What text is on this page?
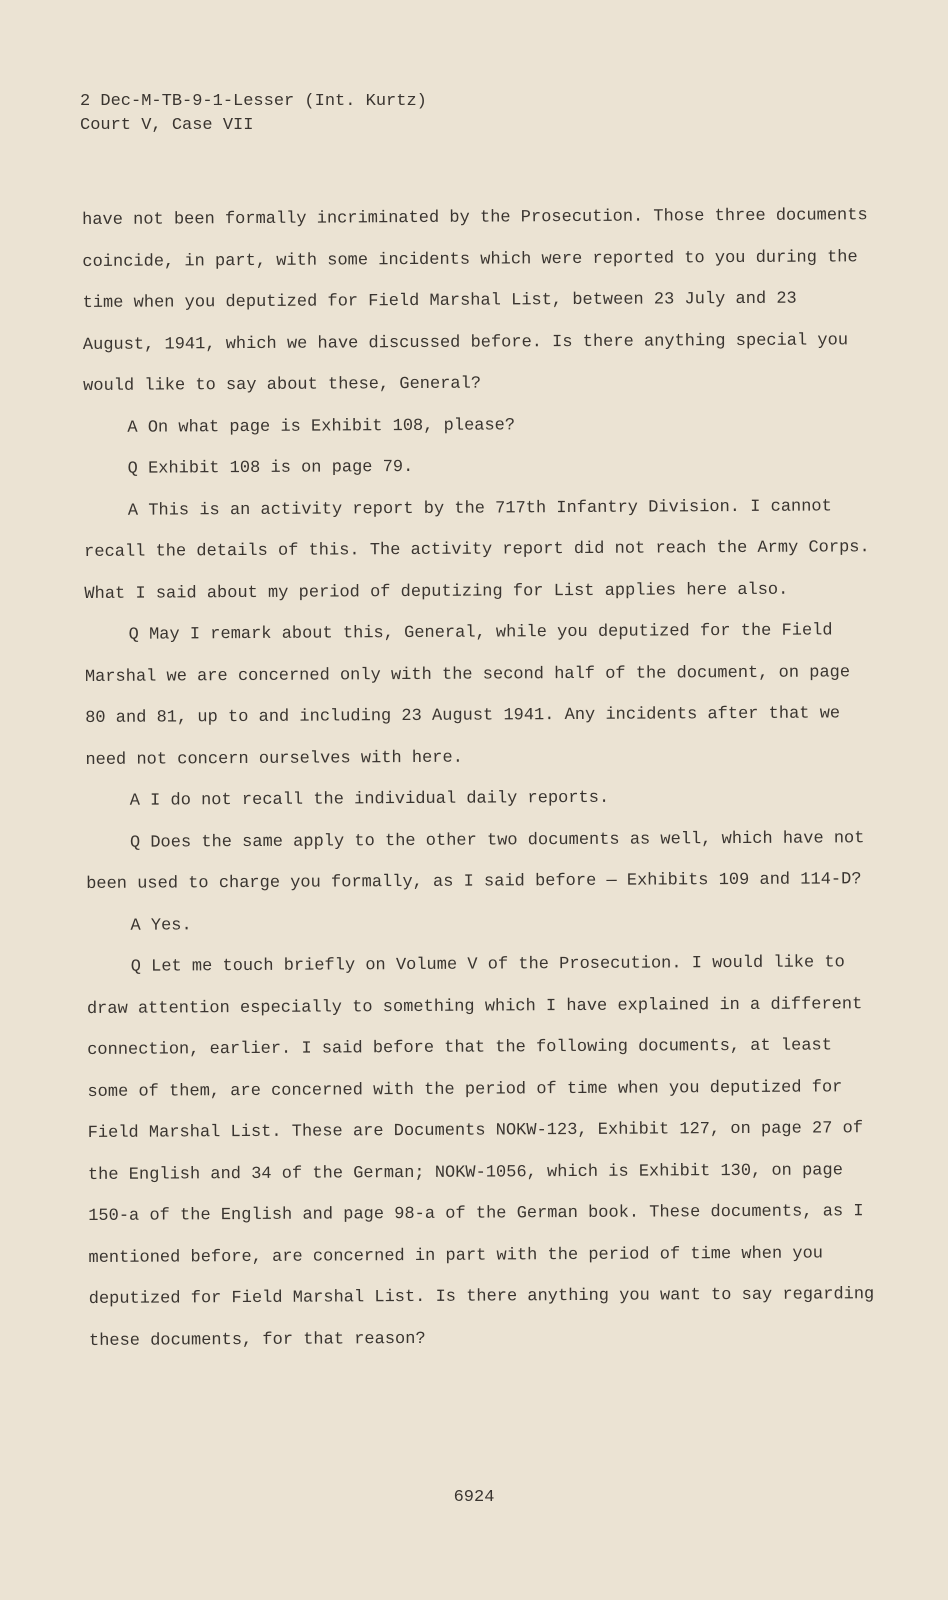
2 Dec-M-TB-9-1-Lesser (Int. Kurtz)
Court V, Case VII

have not been formally incriminated by the Prosecution. Those three documents coincide, in part, with some incidents which were reported to you during the time when you deputized for Field Marshal List, between 23 July and 23 August, 1941, which we have discussed before. Is there anything special you would like to say about these, General?

A On what page is Exhibit 108, please?

Q Exhibit 108 is on page 79.

A This is an activity report by the 717th Infantry Division. I cannot recall the details of this. The activity report did not reach the Army Corps. What I said about my period of deputizing for List applies here also.

Q May I remark about this, General, while you deputized for the Field Marshal we are concerned only with the second half of the document, on page 80 and 81, up to and including 23 August 1941. Any incidents after that we need not concern ourselves with here.

A I do not recall the individual daily reports.

Q Does the same apply to the other two documents as well, which have not been used to charge you formally, as I said before — Exhibits 109 and 114-D?

A Yes.

Q Let me touch briefly on Volume V of the Prosecution. I would like to draw attention especially to something which I have explained in a different connection, earlier. I said before that the following documents, at least some of them, are concerned with the period of time when you deputized for Field Marshal List. These are Documents NOKW-123, Exhibit 127, on page 27 of the English and 34 of the German; NOKW-1056, which is Exhibit 130, on page 150-a of the English and page 98-a of the German book. These documents, as I mentioned before, are concerned in part with the period of time when you deputized for Field Marshal List. Is there anything you want to say regarding these documents, for that reason?

6924
